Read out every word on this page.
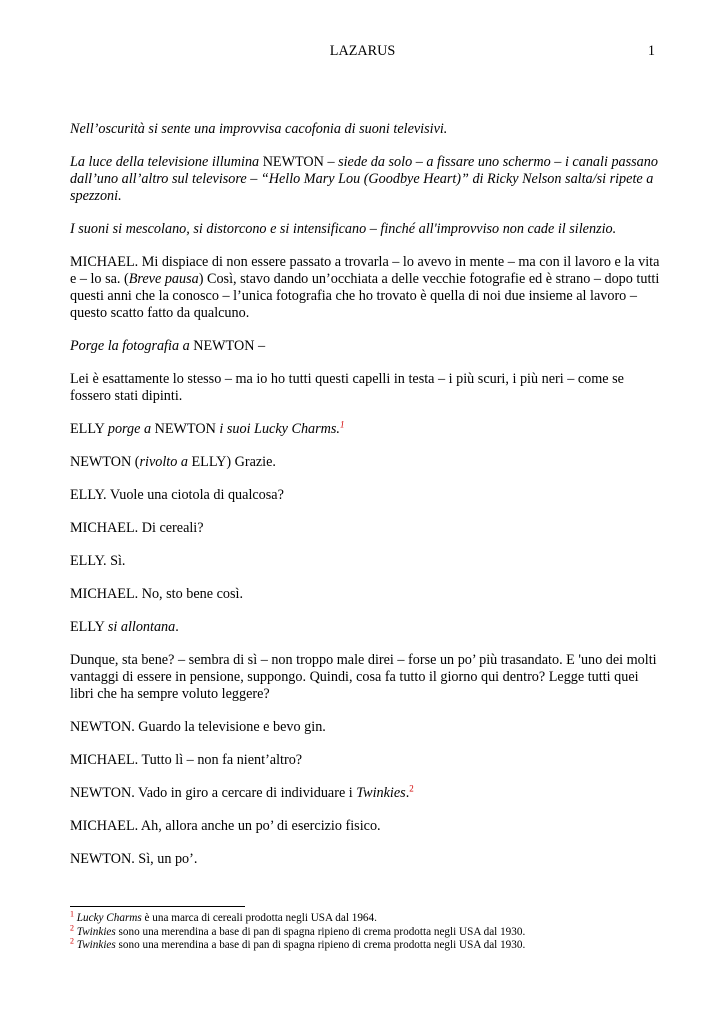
LAZARUS	1

Nell’oscurità si sente una improvvisa cacofonia di suoni televisivi.

La luce della televisione illumina NEWTON – siede da solo – a fissare uno schermo – i canali passano dall’uno all’altro sul televisore – “Hello Mary Lou (Goodbye Heart)” di Ricky Nelson salta/si ripete a spezzoni.

I suoni si mescolano, si distorcono e si intensificano – finché all'improvviso non cade il silenzio.

MICHAEL. Mi dispiace di non essere passato a trovarla – lo avevo in mente – ma con il lavoro e la vita e – lo sa. (Breve pausa) Così, stavo dando un’occhiata a delle vecchie fotografie ed è strano – dopo tutti questi anni che la conosco – l’unica fotografia che ho trovato è quella di noi due insieme al lavoro – questo scatto fatto da qualcuno.

Porge la fotografia a NEWTON –

Lei è esattamente lo stesso – ma io ho tutti questi capelli in testa – i più scuri, i più neri – come se fossero stati dipinti.

ELLY porge a NEWTON i suoi Lucky Charms.$^1$

NEWTON (rivolto a ELLY) Grazie.

ELLY. Vuole una ciotola di qualcosa?

MICHAEL. Di cereali?

ELLY. Sì.

MICHAEL. No, sto bene così.

ELLY si allontana.

Dunque, sta bene? – sembra di sì – non troppo male direi – forse un po’ più trasandato. E 'uno dei molti vantaggi di essere in pensione, suppongo. Quindi, cosa fa tutto il giorno qui dentro? Legge tutti quei libri che ha sempre voluto leggere?

NEWTON. Guardo la televisione e bevo gin.

MICHAEL. Tutto lì – non fa nient’altro?

NEWTON. Vado in giro a cercare di individuare i Twinkies.$^2$

MICHAEL. Ah, allora anche un po’ di esercizio fisico.

NEWTON. Sì, un po’.

$^1$ Lucky Charms è una marca di cereali prodotta negli USA dal 1964.
$^2$ Twinkies sono una merendina a base di pan di spagna ripieno di crema prodotta negli USA dal 1930.
$^2$ Twinkies sono una merendina a base di pan di spagna ripieno di crema prodotta negli USA dal 1930.
